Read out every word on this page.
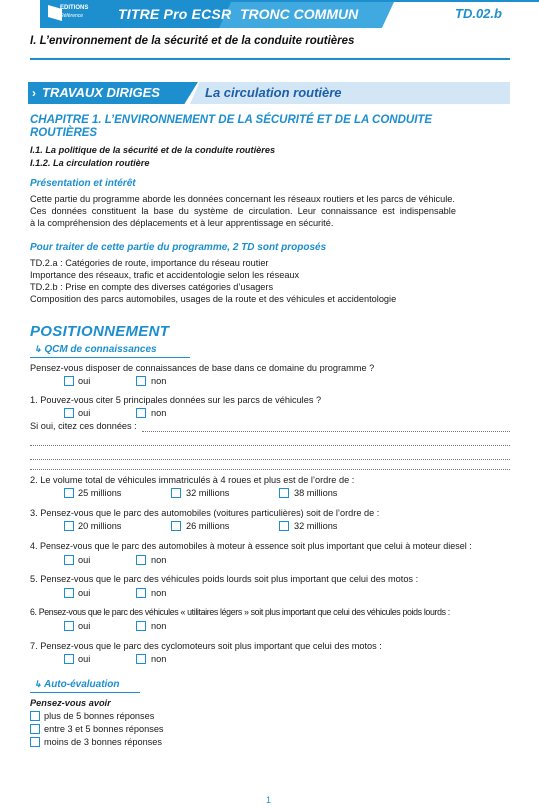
EDITIONS
Référence TITRE Pro ECSR TRONC COMMUN	TD.02.b
I. L’environnement de la sécurité et de la conduite routières
› TRAVAUX DIRIGES	La circulation routière
CHAPITRE 1. L’ENVIRONNEMENT DE LA SÉCURITÉ ET DE LA CONDUITE
ROUTIÈRES
I.1. La politique de la sécurité et de la conduite routières
I.1.2. La circulation routière
Présentation et intérêt
Cette partie du programme aborde les données concernant les réseaux routiers et les parcs de véhicule.
Ces  données  constituent  la  base  du  système  de  circulation.  Leur  connaissance  est  indispensable
à la compréhension des déplacements et à leur apprentissage en sécurité.
Pour traiter de cette partie du programme, 2 TD sont proposés
TD.2.a : Catégories de route, importance du réseau routier
Importance des réseaux, trafic et accidentologie selon les réseaux
TD.2.b : Prise en compte des diverses catégories d’usagers
Composition des parcs automobiles, usages de la route et des véhicules et accidentologie
POSITIONNEMENT
↳ QCM de connaissances
Pensez-vous disposer de connaissances de base dans ce domaine du programme ?
oui	non
1. Pouvez-vous citer 5 principales données sur les parcs de véhicules ?
oui	non
Si oui, citez ces données :
2. Le volume total de véhicules immatriculés à 4 roues et plus est de l’ordre de :
25 millions	32 millions	38 millions
3. Pensez-vous que le parc des automobiles (voitures particulières) soit de l’ordre de :
20 millions	26 millions	32 millions
4. Pensez-vous que le parc des automobiles à moteur à essence soit plus important que celui à moteur diesel :
oui	non
5. Pensez-vous que le parc des véhicules poids lourds soit plus important que celui des motos :
oui	non
6. Pensez-vous que le parc des véhicules « utilitaires légers » soit plus important que celui des véhicules poids lourds :
oui	non
7. Pensez-vous que le parc des cyclomoteurs soit plus important que celui des motos :
oui	non
↳ Auto-évaluation
Pensez-vous avoir
plus de 5 bonnes réponses
entre 3 et 5 bonnes réponses
moins de 3 bonnes réponses
1
